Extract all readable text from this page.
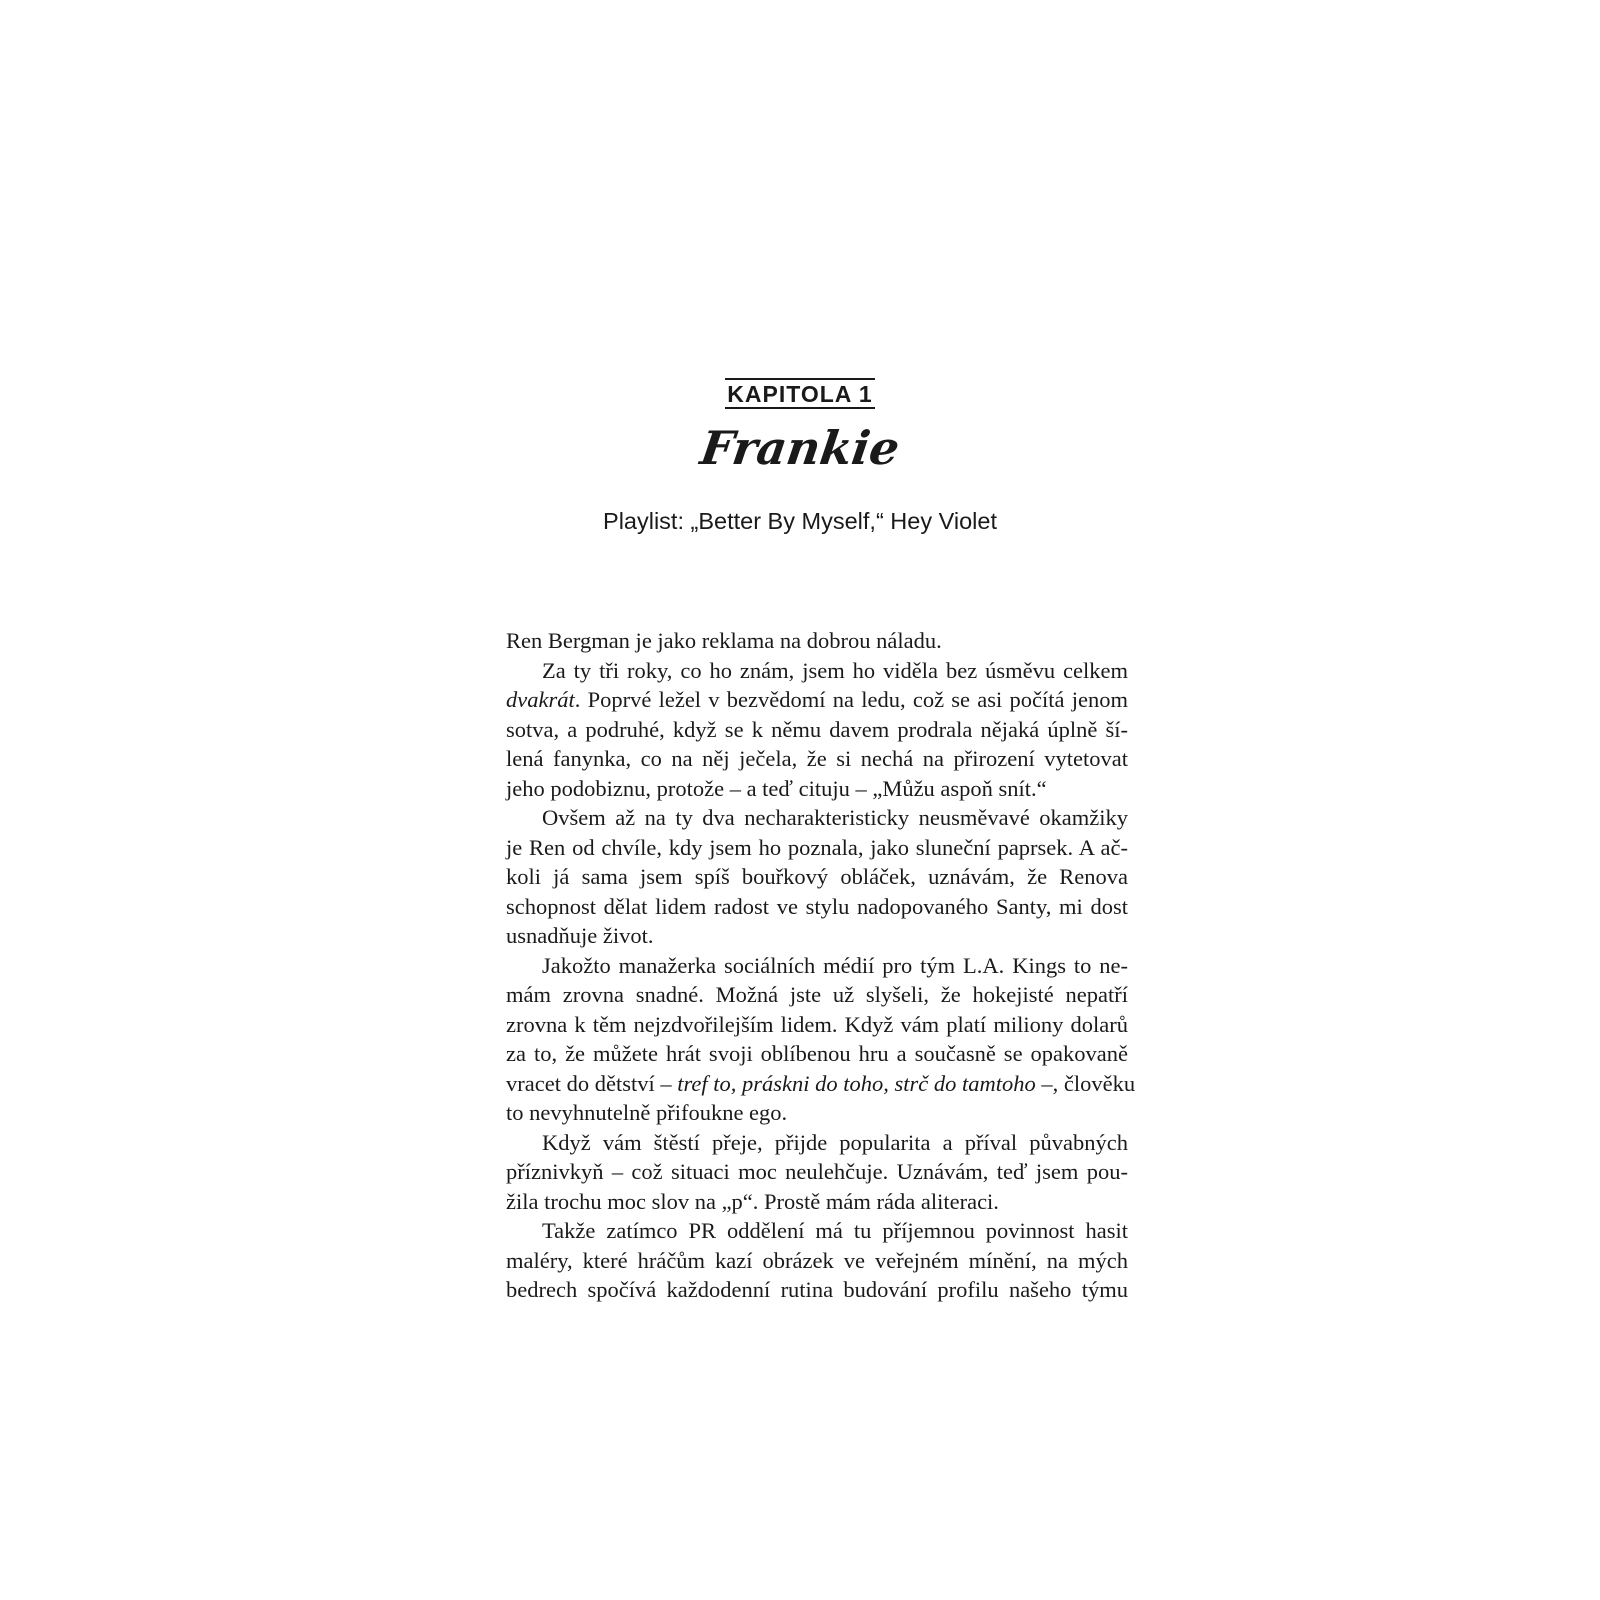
KAPITOLA 1
Frankie
Playlist: „Better By Myself,“ Hey Violet
Ren Bergman je jako reklama na dobrou náladu.
Za ty tři roky, co ho znám, jsem ho viděla bez úsměvu celkem
dvakrát. Poprvé ležel v bezvědomí na ledu, což se asi počítá jenom
sotva, a podruhé, když se k němu davem prodrala nějaká úplně ší-
lená fanynka, co na něj ječela, že si nechá na přirození vytetovat
jeho podobiznu, protože – a teď cituju – „Můžu aspoň snít.“
Ovšem až na ty dva necharakteristicky neusměvavé okamžiky
je Ren od chvíle, kdy jsem ho poznala, jako sluneční paprsek. A ač-
koli já sama jsem spíš bouřkový obláček, uznávám, že Renova
schopnost dělat lidem radost ve stylu nadopovaného Santy, mi dost
usnadňuje život.
Jakožto manažerka sociálních médií pro tým L.A. Kings to ne-
mám zrovna snadné. Možná jste už slyšeli, že hokejisté nepatří
zrovna k těm nejzdvořilejším lidem. Když vám platí miliony dolarů
za to, že můžete hrát svoji oblíbenou hru a současně se opakovaně
vracet do dětství – tref to, práskni do toho, strč do tamtoho –, člověku
to nevyhnutelně přifoukne ego.
Když vám štěstí přeje, přijde popularita a příval půvabných
příznivkyň – což situaci moc neulehčuje. Uznávám, teď jsem pou-
žila trochu moc slov na „p“. Prostě mám ráda aliteraci.
Takže zatímco PR oddělení má tu příjemnou povinnost hasit
maléry, které hráčům kazí obrázek ve veřejném mínění, na mých
bedrech spočívá každodenní rutina budování profilu našeho týmu
